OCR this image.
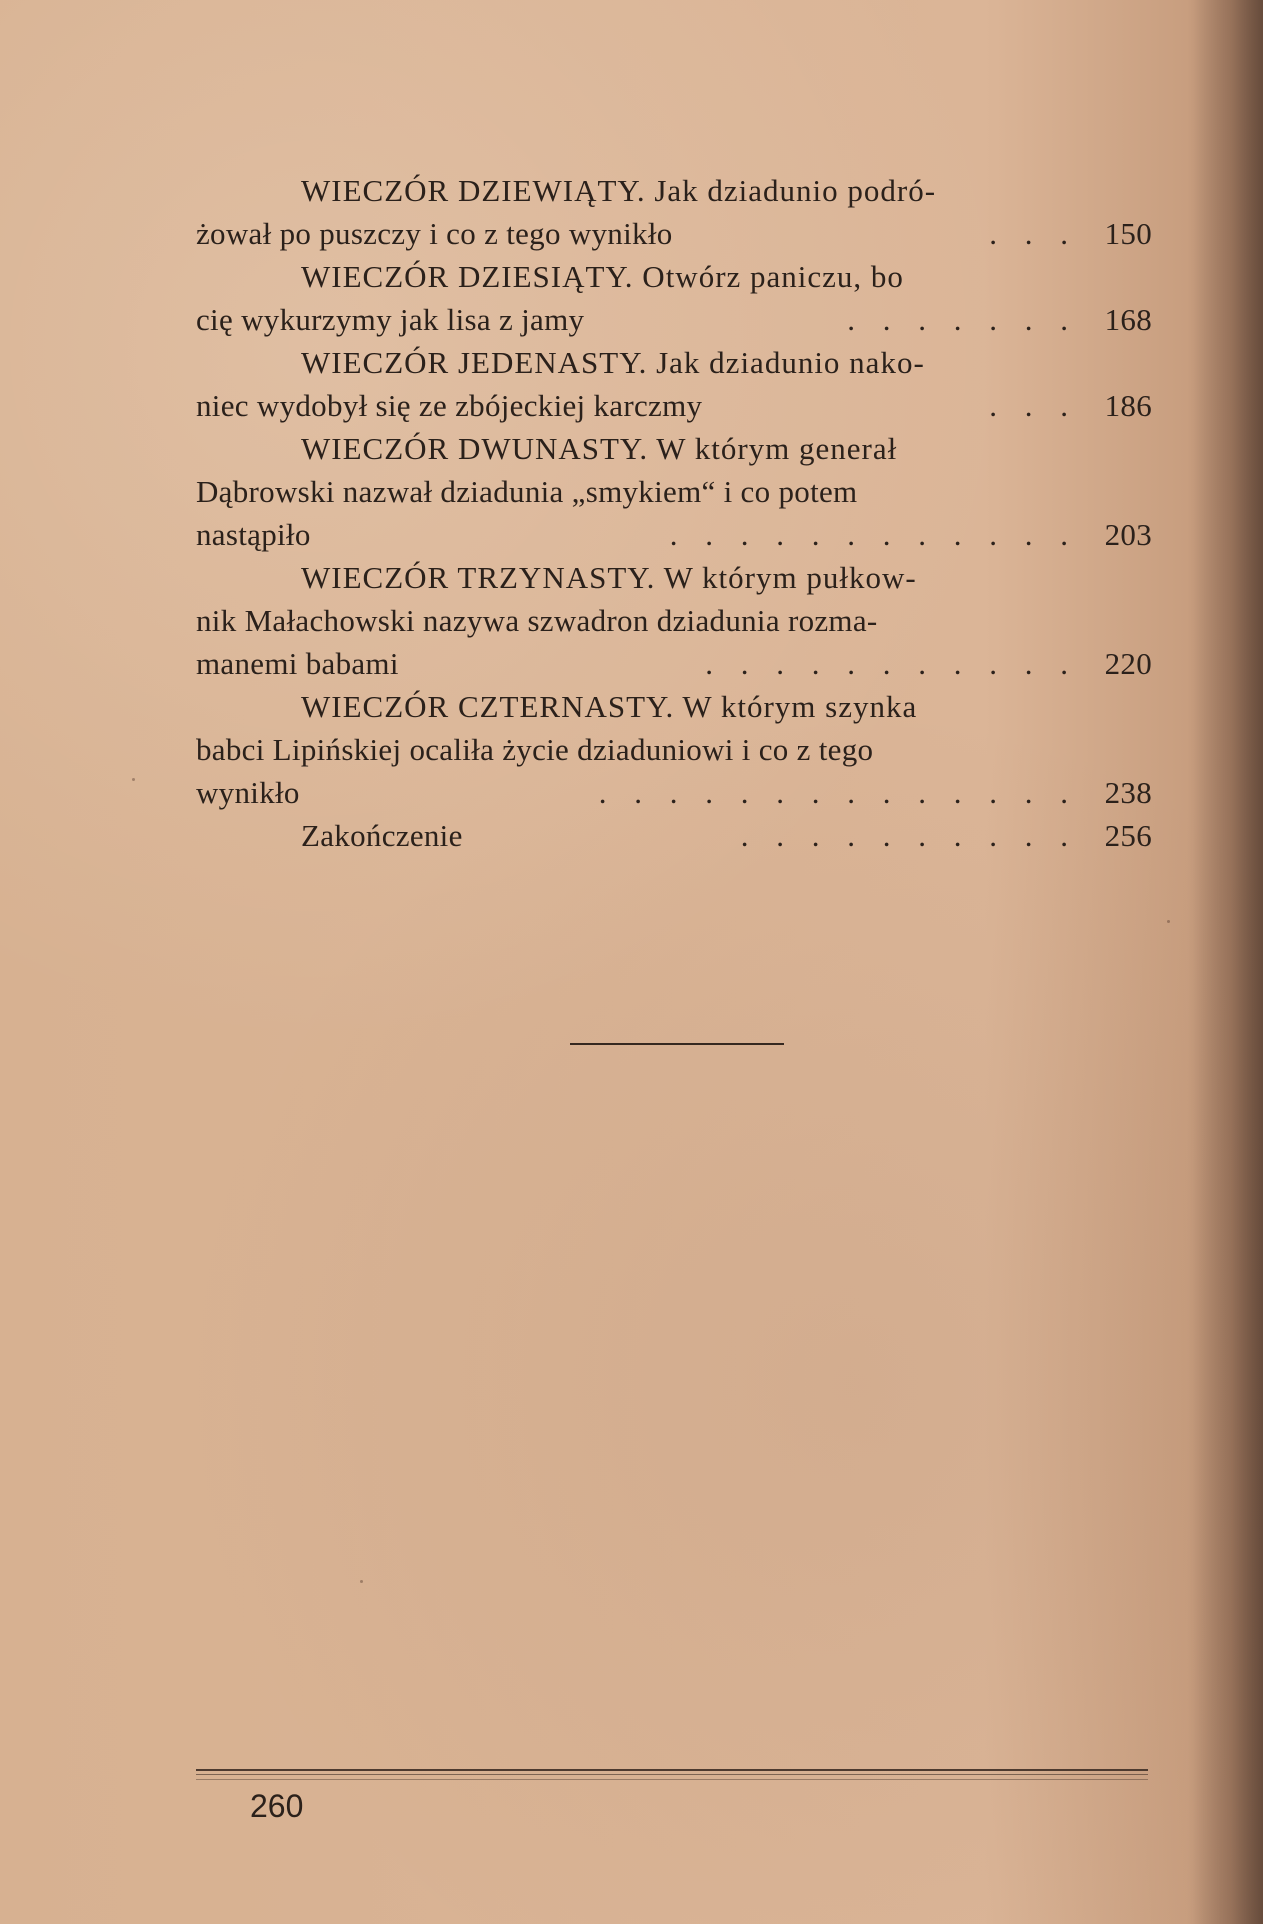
WIECZÓR DZIEWIĄTY. Jak dziadunio podró-
żował po puszczy i co z tego wynikło	. . . 150
WIECZÓR DZIESIĄTY. Otwórz paniczu, bo
cię wykurzymy jak lisa z jamy	. . . . . . . 168
WIECZÓR JEDENASTY. Jak dziadunio nako-
niec wydobył się ze zbójeckiej karczmy	. . . 186
WIECZÓR DWUNASTY. W którym generał
Dąbrowski nazwał dziadunia „smykiem“ i co potem
nastąpiło	. . . . . . . . . . . . 203
WIECZÓR TRZYNASTY. W którym pułkow-
nik Małachowski nazywa szwadron dziadunia rozma-
manemi babami	. . . . . . . . . . . 220
WIECZÓR CZTERNASTY. W którym szynka
babci Lipińskiej ocaliła życie dziaduniowi i co z tego
wynikło	. . . . . . . . . . . . . . 238
Zakończenie	. . . . . . . . . . 256
260
